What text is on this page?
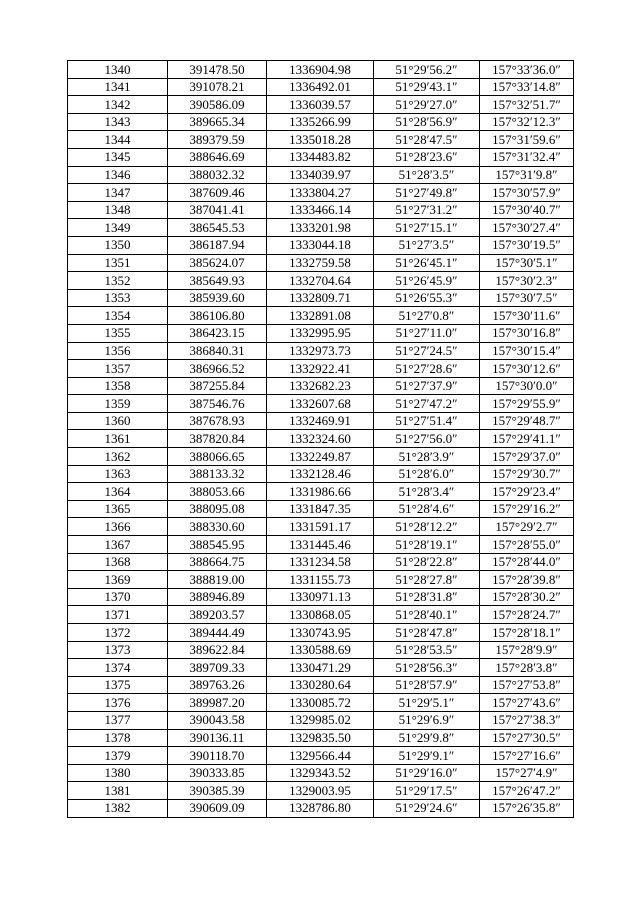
1340	391478.50	1336904.98	51°29′56.2″	157°33′36.0″
1341	391078.21	1336492.01	51°29′43.1″	157°33′14.8″
1342	390586.09	1336039.57	51°29′27.0″	157°32′51.7″
1343	389665.34	1335266.99	51°28′56.9″	157°32′12.3″
1344	389379.59	1335018.28	51°28′47.5″	157°31′59.6″
1345	388646.69	1334483.82	51°28′23.6″	157°31′32.4″
1346	388032.32	1334039.97	51°28′3.5″	157°31′9.8″
1347	387609.46	1333804.27	51°27′49.8″	157°30′57.9″
1348	387041.41	1333466.14	51°27′31.2″	157°30′40.7″
1349	386545.53	1333201.98	51°27′15.1″	157°30′27.4″
1350	386187.94	1333044.18	51°27′3.5″	157°30′19.5″
1351	385624.07	1332759.58	51°26′45.1″	157°30′5.1″
1352	385649.93	1332704.64	51°26′45.9″	157°30′2.3″
1353	385939.60	1332809.71	51°26′55.3″	157°30′7.5″
1354	386106.80	1332891.08	51°27′0.8″	157°30′11.6″
1355	386423.15	1332995.95	51°27′11.0″	157°30′16.8″
1356	386840.31	1332973.73	51°27′24.5″	157°30′15.4″
1357	386966.52	1332922.41	51°27′28.6″	157°30′12.6″
1358	387255.84	1332682.23	51°27′37.9″	157°30′0.0″
1359	387546.76	1332607.68	51°27′47.2″	157°29′55.9″
1360	387678.93	1332469.91	51°27′51.4″	157°29′48.7″
1361	387820.84	1332324.60	51°27′56.0″	157°29′41.1″
1362	388066.65	1332249.87	51°28′3.9″	157°29′37.0″
1363	388133.32	1332128.46	51°28′6.0″	157°29′30.7″
1364	388053.66	1331986.66	51°28′3.4″	157°29′23.4″
1365	388095.08	1331847.35	51°28′4.6″	157°29′16.2″
1366	388330.60	1331591.17	51°28′12.2″	157°29′2.7″
1367	388545.95	1331445.46	51°28′19.1″	157°28′55.0″
1368	388664.75	1331234.58	51°28′22.8″	157°28′44.0″
1369	388819.00	1331155.73	51°28′27.8″	157°28′39.8″
1370	388946.89	1330971.13	51°28′31.8″	157°28′30.2″
1371	389203.57	1330868.05	51°28′40.1″	157°28′24.7″
1372	389444.49	1330743.95	51°28′47.8″	157°28′18.1″
1373	389622.84	1330588.69	51°28′53.5″	157°28′9.9″
1374	389709.33	1330471.29	51°28′56.3″	157°28′3.8″
1375	389763.26	1330280.64	51°28′57.9″	157°27′53.8″
1376	389987.20	1330085.72	51°29′5.1″	157°27′43.6″
1377	390043.58	1329985.02	51°29′6.9″	157°27′38.3″
1378	390136.11	1329835.50	51°29′9.8″	157°27′30.5″
1379	390118.70	1329566.44	51°29′9.1″	157°27′16.6″
1380	390333.85	1329343.52	51°29′16.0″	157°27′4.9″
1381	390385.39	1329003.95	51°29′17.5″	157°26′47.2″
1382	390609.09	1328786.80	51°29′24.6″	157°26′35.8″
